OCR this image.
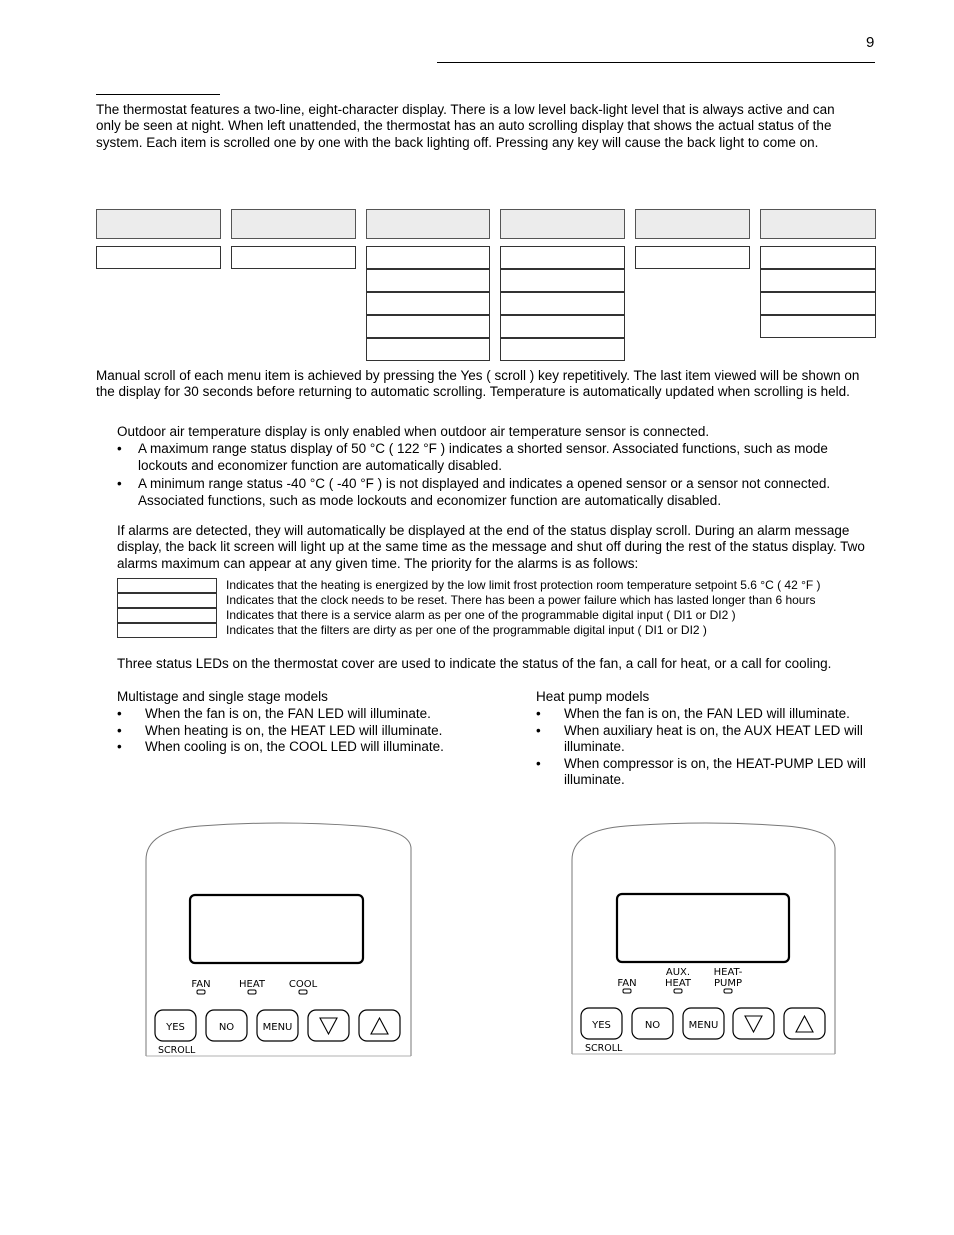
9
The thermostat features a two-line, eight-character display. There is a low level back-light level that is always active and can only be seen at night. When left unattended, the thermostat has an auto scrolling display that shows the actual status of the system. Each item is scrolled one by one with the back lighting off. Pressing any key will cause the back light to come on.
Manual scroll of each menu item is achieved by pressing the Yes ( scroll ) key repetitively. The last item viewed will be shown on the display for 30 seconds before returning to automatic scrolling. Temperature is automatically updated when scrolling is held.
Outdoor air temperature display is only enabled when outdoor air temperature sensor is connected.
• A maximum range status display of 50 °C ( 122 °F ) indicates a shorted sensor. Associated functions, such as mode lockouts and economizer function are automatically disabled.
• A minimum range status -40 °C ( -40 °F ) is not displayed and indicates a opened sensor or a sensor not connected. Associated functions, such as mode lockouts and economizer function are automatically disabled.
If alarms are detected, they will automatically be displayed at the end of the status display scroll. During an alarm message display, the back lit screen will light up at the same time as the message and shut off during the rest of the status display. Two alarms maximum can appear at any given time. The priority for the alarms is as follows:
Indicates that the heating is energized by the low limit frost protection room temperature setpoint 5.6 °C ( 42 °F )
Indicates that the clock needs to be reset. There has been a power failure which has lasted longer than 6 hours
Indicates that there is a service alarm as per one of the programmable digital input ( DI1 or DI2 )
Indicates that the filters are dirty as per one of the programmable digital input ( DI1 or DI2 )
Three status LEDs on the thermostat cover are used to indicate the status of the fan, a call for heat, or a call for cooling.
Multistage and single stage models
• When the fan is on, the FAN LED will illuminate.
• When heating is on, the HEAT LED will illuminate.
• When cooling is on, the COOL LED will illuminate.
Heat pump models
• When the fan is on, the FAN LED will illuminate.
• When auxiliary heat is on, the AUX HEAT LED will illuminate.
• When compressor is on, the HEAT-PUMP LED will illuminate.
FAN	HEAT COOL
YES	NO	MENU
SCROLL
FAN
AUX.
HEAT
HEAT-
PUMP
YES	NO	MENU
SCROLL
